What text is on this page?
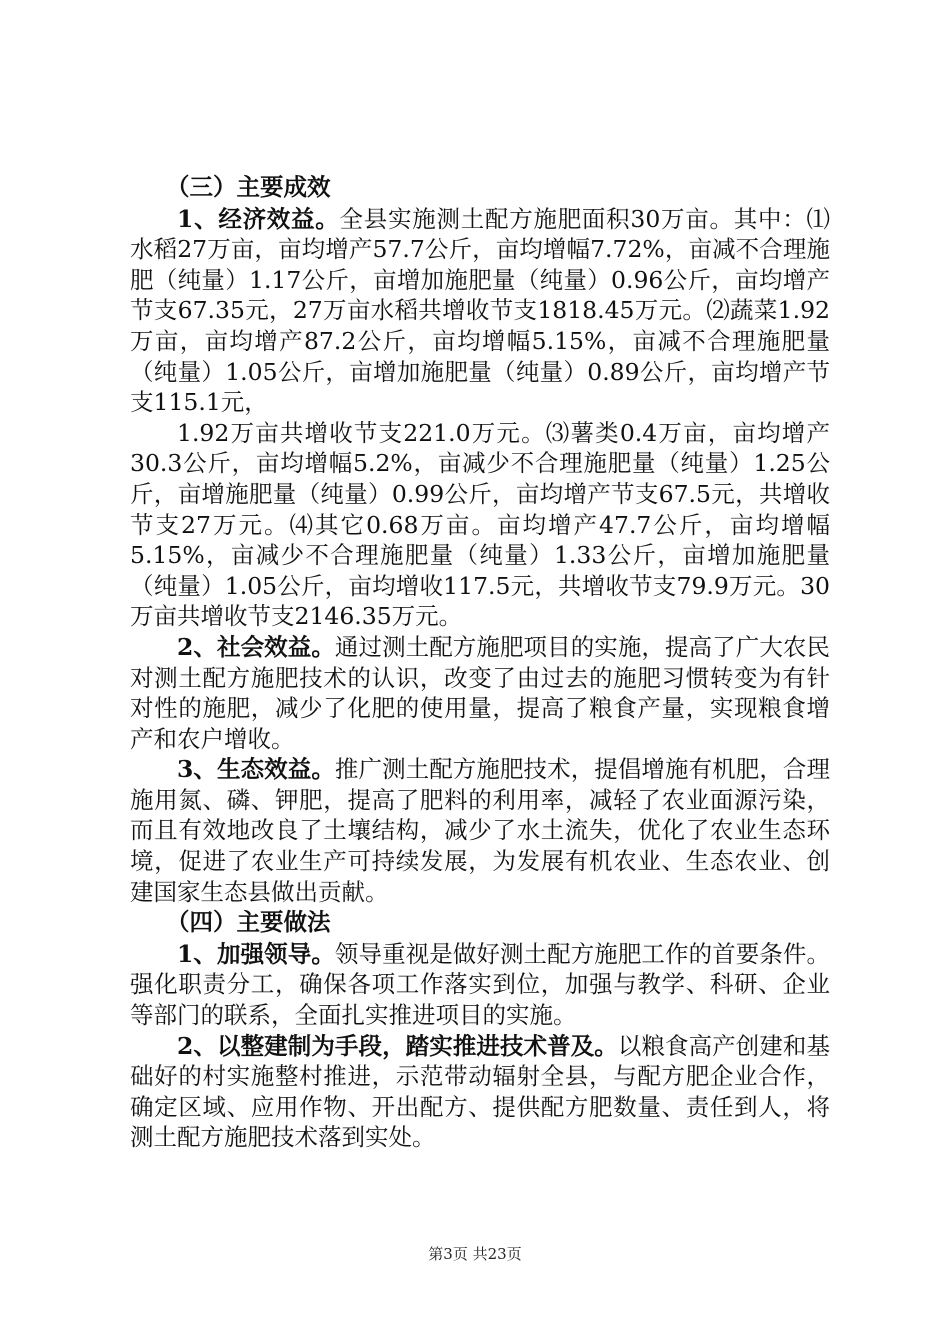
（三）主要成效

1、经济效益。全县实施测土配方施肥面积30万亩。其中：⑴水稻27万亩，亩均增产57.7公斤，亩均增幅7.72%，亩减不合理施肥（纯量）1.17公斤，亩增加施肥量（纯量）0.96公斤，亩均增产节支67.35元，27万亩水稻共增收节支1818.45万元。⑵蔬菜1.92万亩，亩均增产87.2公斤，亩均增幅5.15%，亩减不合理施肥量（纯量）1.05公斤，亩增加施肥量（纯量）0.89公斤，亩均增产节支115.1元，

1.92万亩共增收节支221.0万元。⑶薯类0.4万亩，亩均增产30.3公斤，亩均增幅5.2%，亩减少不合理施肥量（纯量）1.25公斤，亩增施肥量（纯量）0.99公斤，亩均增产节支67.5元，共增收节支27万元。⑷其它0.68万亩。亩均增产47.7公斤，亩均增幅5.15%，亩减少不合理施肥量（纯量）1.33公斤，亩增加施肥量（纯量）1.05公斤，亩均增收117.5元，共增收节支79.9万元。30万亩共增收节支2146.35万元。

2、社会效益。通过测土配方施肥项目的实施，提高了广大农民对测土配方施肥技术的认识，改变了由过去的施肥习惯转变为有针对性的施肥，减少了化肥的使用量，提高了粮食产量，实现粮食增产和农户增收。

3、生态效益。推广测土配方施肥技术，提倡增施有机肥，合理施用氮、磷、钾肥，提高了肥料的利用率，减轻了农业面源污染，而且有效地改良了土壤结构，减少了水土流失，优化了农业生态环境，促进了农业生产可持续发展，为发展有机农业、生态农业、创建国家生态县做出贡献。

（四）主要做法

1、加强领导。领导重视是做好测土配方施肥工作的首要条件。强化职责分工，确保各项工作落实到位，加强与教学、科研、企业等部门的联系，全面扎实推进项目的实施。

2、以整建制为手段，踏实推进技术普及。以粮食高产创建和基础好的村实施整村推进，示范带动辐射全县，与配方肥企业合作，确定区域、应用作物、开出配方、提供配方肥数量、责任到人，将测土配方施肥技术落到实处。

第3页 共23页
